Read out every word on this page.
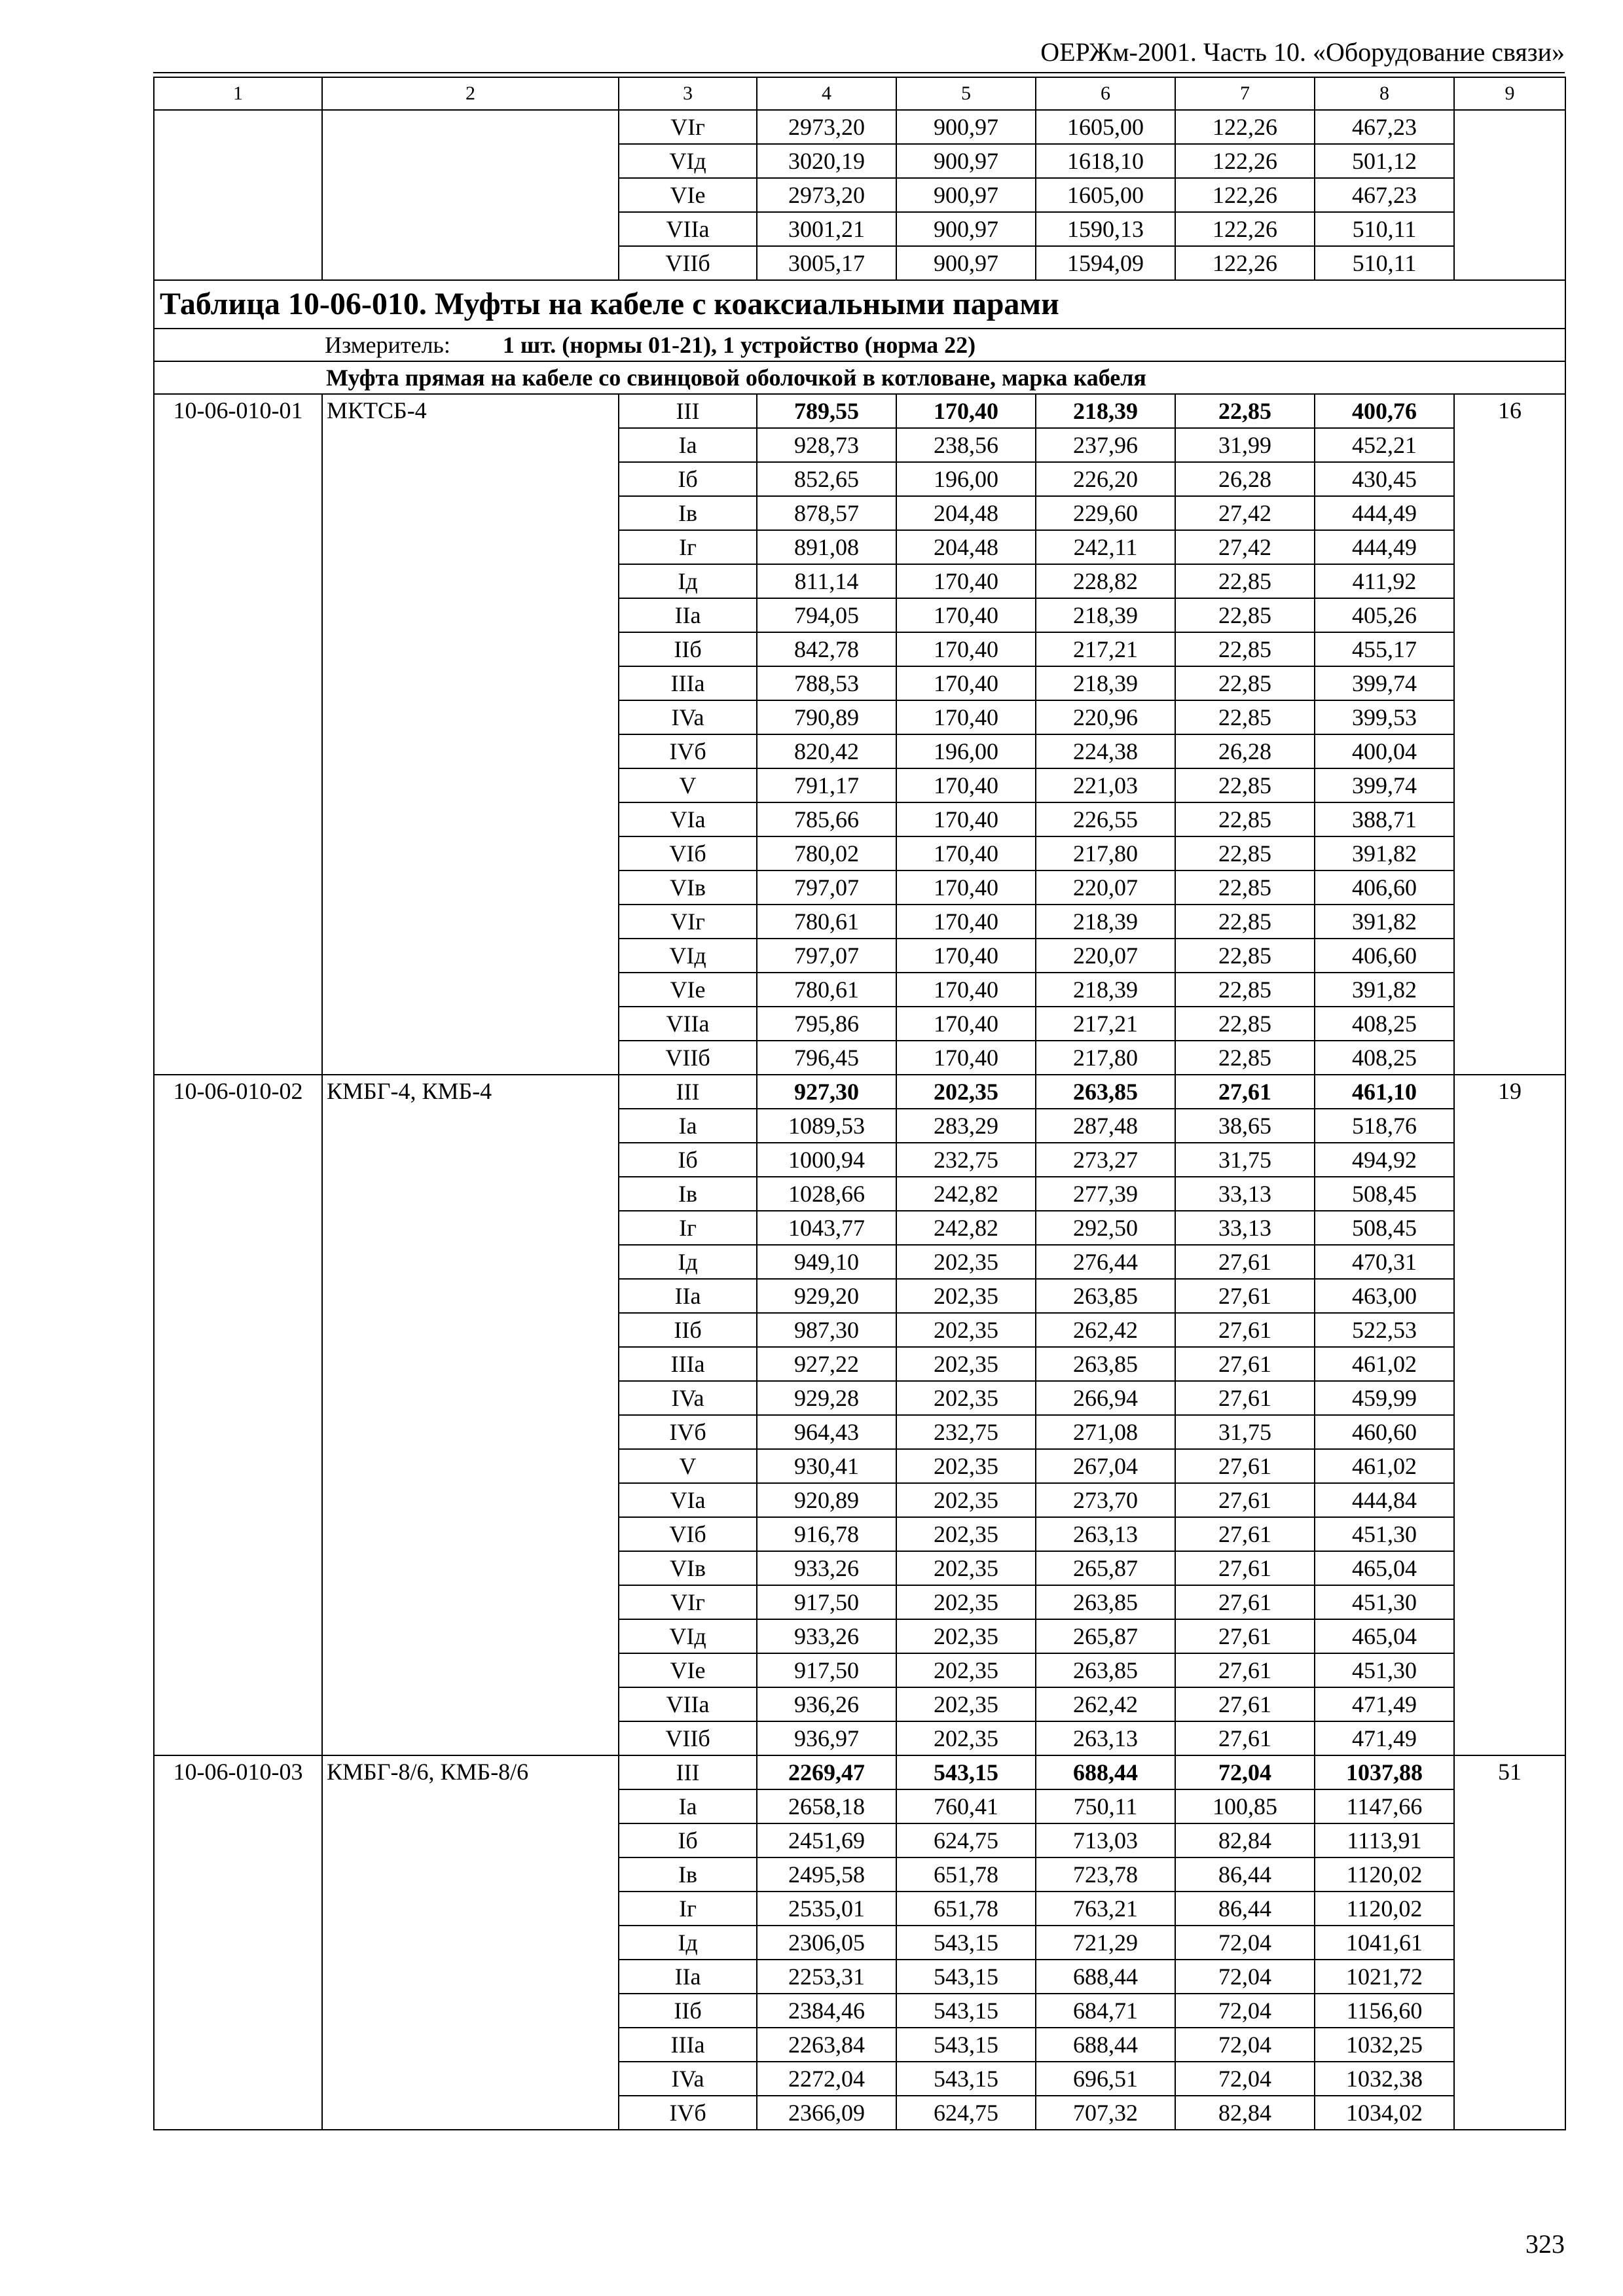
ОЕРЖм-2001. Часть 10. «Оборудование связи»
1	2	3	4	5	6	7	8	9
		VIг	2973,20	900,97	1605,00	122,26	467,23	
		VIд	3020,19	900,97	1618,10	122,26	501,12	
		VIe	2973,20	900,97	1605,00	122,26	467,23	
		VIIa	3001,21	900,97	1590,13	122,26	510,11	
		VIIб	3005,17	900,97	1594,09	122,26	510,11	
Таблица 10-06-010. Муфты на кабеле с коаксиальными парами								
Измеритель: 1 шт. (нормы 01-21), 1 устройство (норма 22)								
Муфта прямая на кабеле со свинцовой оболочкой в котловане, марка кабеля								
10-06-010-01	МКТСБ-4	III	789,55	170,40	218,39	22,85	400,76	16
		Ia	928,73	238,56	237,96	31,99	452,21	
		Iб	852,65	196,00	226,20	26,28	430,45	
		Iв	878,57	204,48	229,60	27,42	444,49	
		Iг	891,08	204,48	242,11	27,42	444,49	
		Iд	811,14	170,40	228,82	22,85	411,92	
		IIa	794,05	170,40	218,39	22,85	405,26	
		IIб	842,78	170,40	217,21	22,85	455,17	
		IIIa	788,53	170,40	218,39	22,85	399,74	
		IVa	790,89	170,40	220,96	22,85	399,53	
		IVб	820,42	196,00	224,38	26,28	400,04	
		V	791,17	170,40	221,03	22,85	399,74	
		VIa	785,66	170,40	226,55	22,85	388,71	
		VIб	780,02	170,40	217,80	22,85	391,82	
		VIв	797,07	170,40	220,07	22,85	406,60	
		VIг	780,61	170,40	218,39	22,85	391,82	
		VIд	797,07	170,40	220,07	22,85	406,60	
		VIe	780,61	170,40	218,39	22,85	391,82	
		VIIa	795,86	170,40	217,21	22,85	408,25	
		VIIб	796,45	170,40	217,80	22,85	408,25	
10-06-010-02	КМБГ-4, КМБ-4	III	927,30	202,35	263,85	27,61	461,10	19
		Ia	1089,53	283,29	287,48	38,65	518,76	
		Iб	1000,94	232,75	273,27	31,75	494,92	
		Iв	1028,66	242,82	277,39	33,13	508,45	
		Iг	1043,77	242,82	292,50	33,13	508,45	
		Iд	949,10	202,35	276,44	27,61	470,31	
		IIa	929,20	202,35	263,85	27,61	463,00	
		IIб	987,30	202,35	262,42	27,61	522,53	
		IIIa	927,22	202,35	263,85	27,61	461,02	
		IVa	929,28	202,35	266,94	27,61	459,99	
		IVб	964,43	232,75	271,08	31,75	460,60	
		V	930,41	202,35	267,04	27,61	461,02	
		VIa	920,89	202,35	273,70	27,61	444,84	
		VIб	916,78	202,35	263,13	27,61	451,30	
		VIв	933,26	202,35	265,87	27,61	465,04	
		VIг	917,50	202,35	263,85	27,61	451,30	
		VIд	933,26	202,35	265,87	27,61	465,04	
		VIe	917,50	202,35	263,85	27,61	451,30	
		VIIa	936,26	202,35	262,42	27,61	471,49	
		VIIб	936,97	202,35	263,13	27,61	471,49	
10-06-010-03	КМБГ-8/6, КМБ-8/6	III	2269,47	543,15	688,44	72,04	1037,88	51
		Ia	2658,18	760,41	750,11	100,85	1147,66	
		Iб	2451,69	624,75	713,03	82,84	1113,91	
		Iв	2495,58	651,78	723,78	86,44	1120,02	
		Iг	2535,01	651,78	763,21	86,44	1120,02	
		Iд	2306,05	543,15	721,29	72,04	1041,61	
		IIa	2253,31	543,15	688,44	72,04	1021,72	
		IIб	2384,46	543,15	684,71	72,04	1156,60	
		IIIa	2263,84	543,15	688,44	72,04	1032,25	
		IVa	2272,04	543,15	696,51	72,04	1032,38	
		IVб	2366,09	624,75	707,32	82,84	1034,02	
323
